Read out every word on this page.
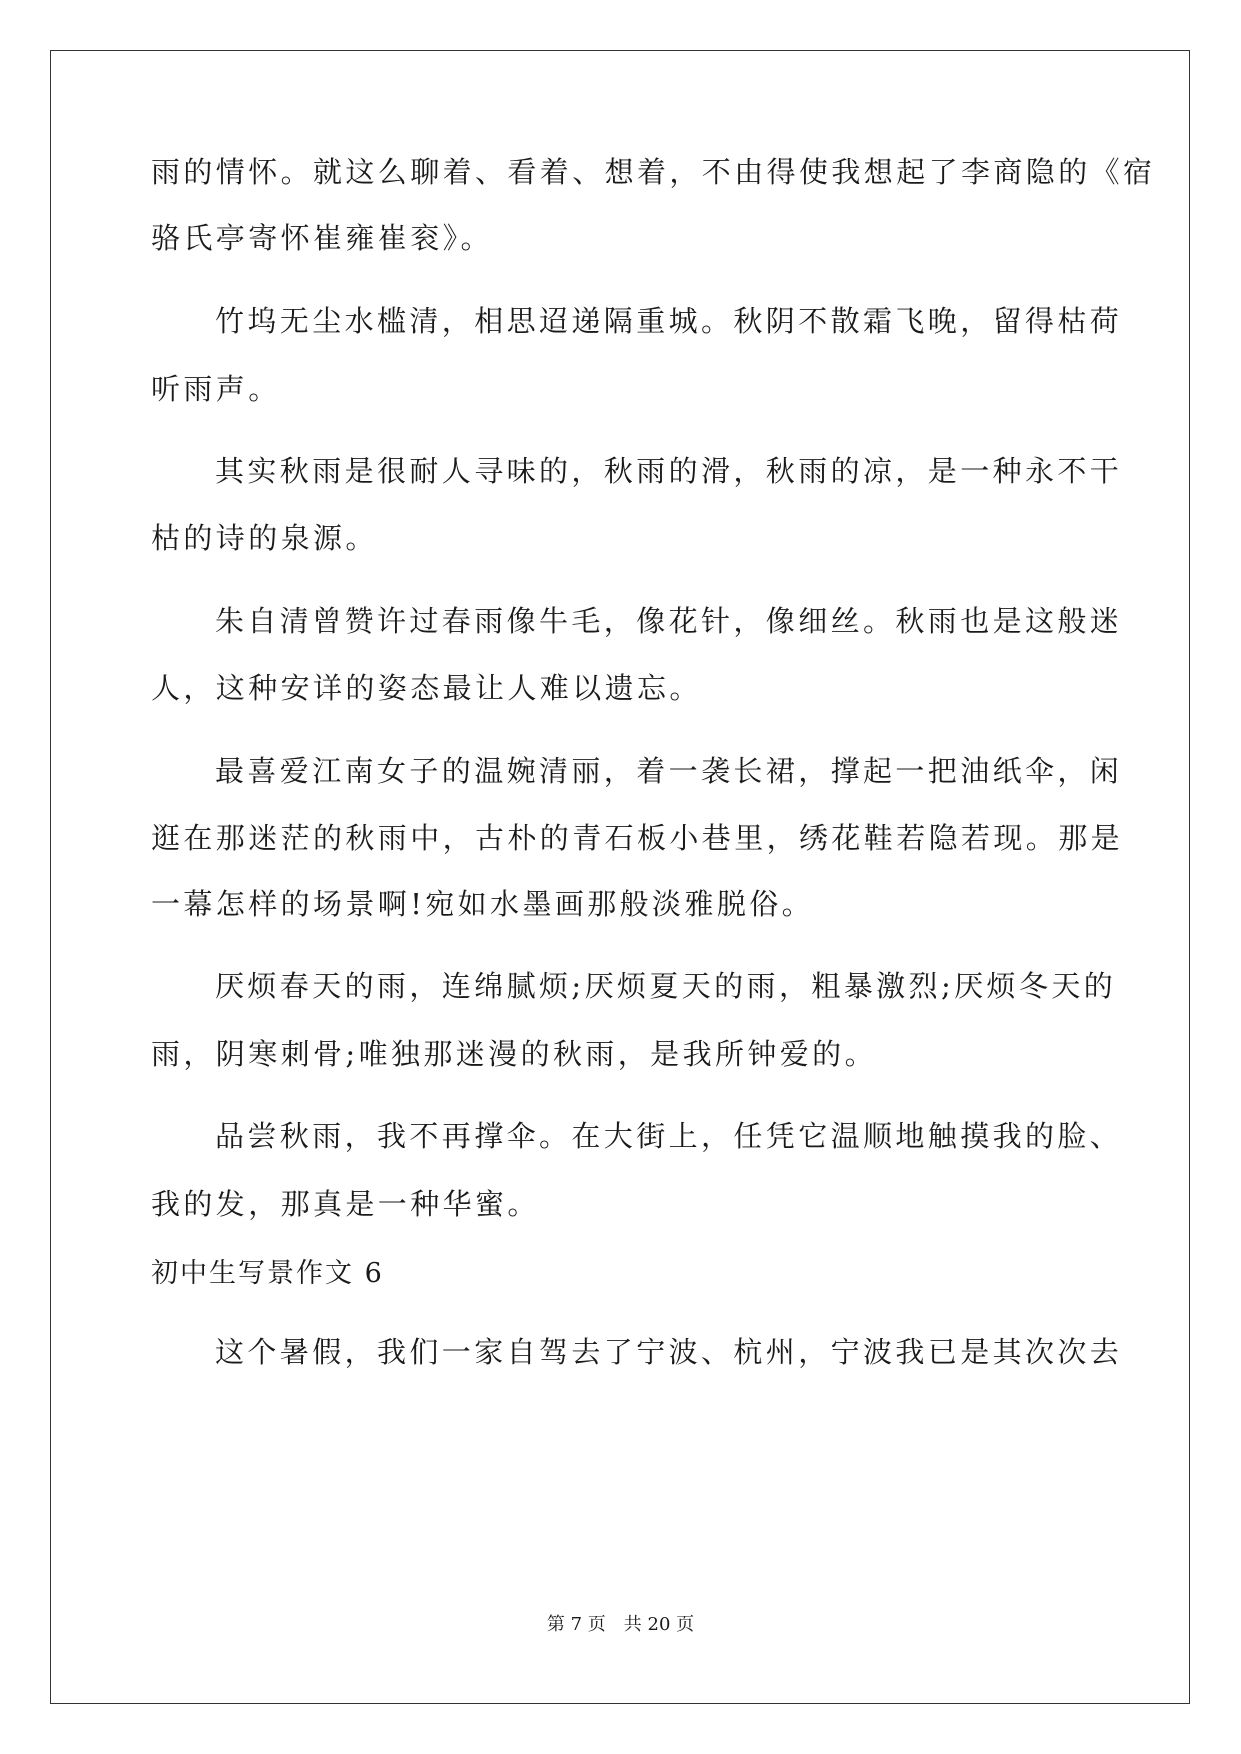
雨的情怀。就这么聊着、看着、想着，不由得使我想起了李商隐的《宿
骆氏亭寄怀崔雍崔衮》。
竹坞无尘水槛清，相思迢递隔重城。秋阴不散霜飞晚，留得枯荷
听雨声。
其实秋雨是很耐人寻味的，秋雨的滑，秋雨的凉，是一种永不干
枯的诗的泉源。
朱自清曾赞许过春雨像牛毛，像花针，像细丝。秋雨也是这般迷
人，这种安详的姿态最让人难以遗忘。
最喜爱江南女子的温婉清丽，着一袭长裙，撑起一把油纸伞，闲
逛在那迷茫的秋雨中，古朴的青石板小巷里，绣花鞋若隐若现。那是
一幕怎样的场景啊!宛如水墨画那般淡雅脱俗。
厌烦春天的雨，连绵腻烦;厌烦夏天的雨，粗暴激烈;厌烦冬天的
雨，阴寒刺骨;唯独那迷漫的秋雨，是我所钟爱的。
品尝秋雨，我不再撑伞。在大街上，任凭它温顺地触摸我的脸、
我的发，那真是一种华蜜。
初中生写景作文 6
这个暑假，我们一家自驾去了宁波、杭州，宁波我已是其次次去
第 7 页　共 20 页
